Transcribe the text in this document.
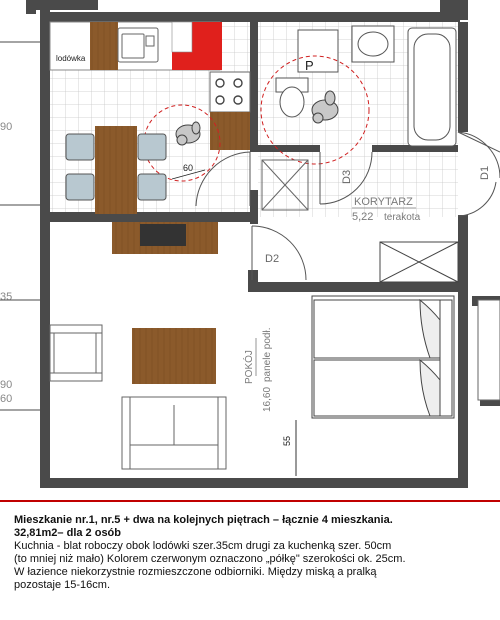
90
35
90
60
lodówka
60
P
D3
KORYTARZ
5,22 terakota
D2
D1
POKÓJ
16,60
panele podł.
55
Mieszkanie nr.1, nr.5 + dwa na kolejnych piętrach – łącznie 4 mieszkania.
32,81m2– dla 2 osób
Kuchnia - blat roboczy obok lodówki szer.35cm drugi za kuchenką szer. 50cm
(to mniej niż mało) Kolorem czerwonym oznaczono „półkę" szerokości ok. 25cm.
W łazience niekorzystnie rozmieszczone odbiorniki. Między miską a pralką
pozostaje 15-16cm.
